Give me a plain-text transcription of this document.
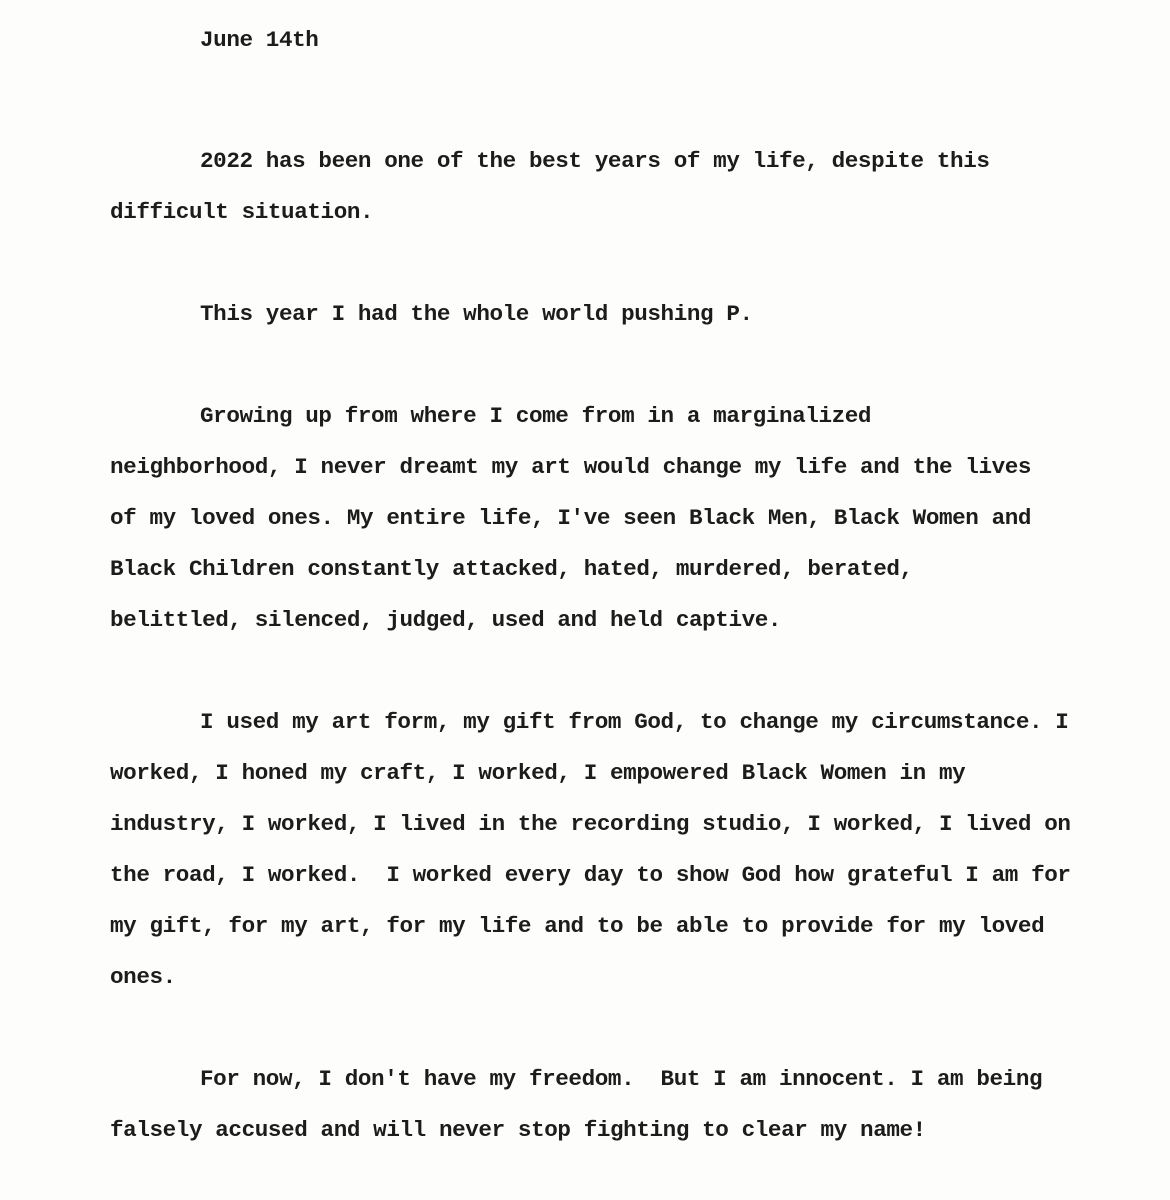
June 14th
2022 has been one of the best years of my life, despite this
difficult situation.
This year I had the whole world pushing P.
Growing up from where I come from in a marginalized
neighborhood, I never dreamt my art would change my life and the lives
of my loved ones. My entire life, I've seen Black Men, Black Women and
Black Children constantly attacked, hated, murdered, berated,
belittled, silenced, judged, used and held captive.
I used my art form, my gift from God, to change my circumstance. I
worked, I honed my craft, I worked, I empowered Black Women in my
industry, I worked, I lived in the recording studio, I worked, I lived on
the road, I worked.  I worked every day to show God how grateful I am for
my gift, for my art, for my life and to be able to provide for my loved
ones.
For now, I don't have my freedom.  But I am innocent. I am being
falsely accused and will never stop fighting to clear my name!
